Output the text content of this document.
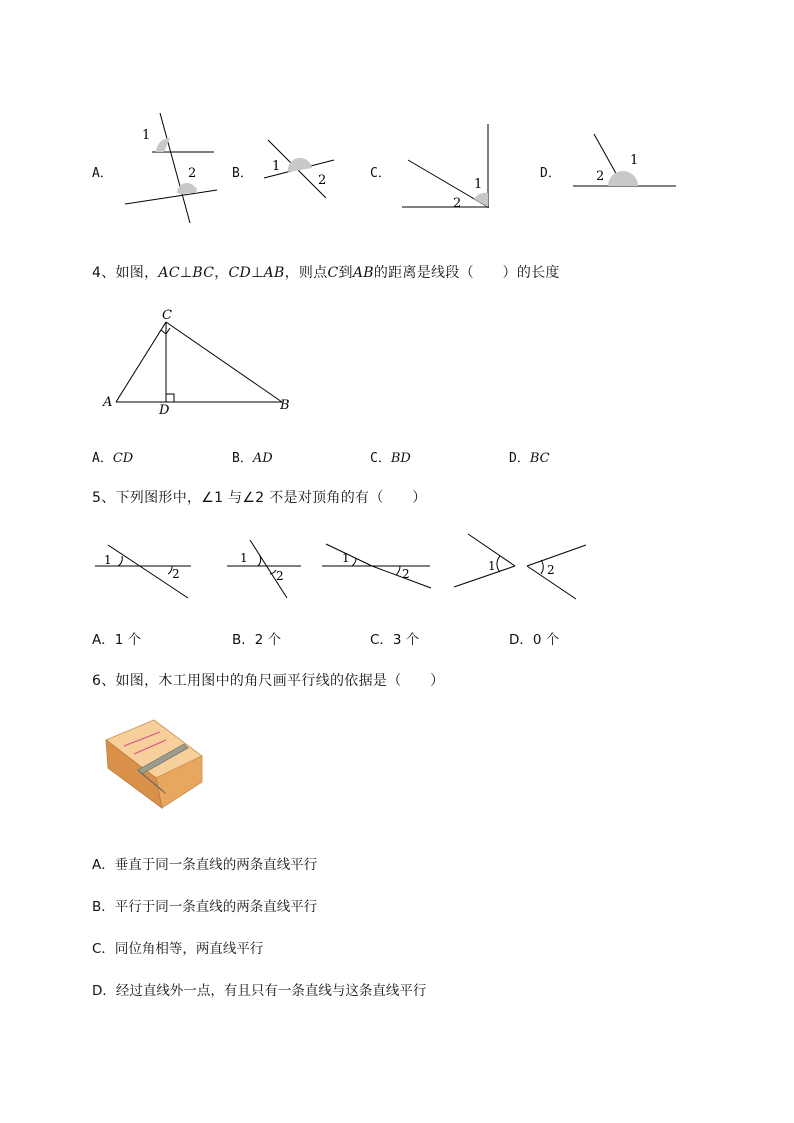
A．
1
2	B． 1
2	C．
1
2
D．
1
2
4、如图，AC⊥BC，CD⊥AB，则点C到AB的距离是线段（　　）的长度
C
A	B
D
A．CD	B．AD	C．BD	D．BC
5、下列图形中，∠1 与∠2 不是对顶角的有（　　）
1
2
1
2
1
2
1	2
A．1 个	B．2 个	C．3 个	D．0 个
6、如图，木工用图中的角尺画平行线的依据是（　　）
A．垂直于同一条直线的两条直线平行
B．平行于同一条直线的两条直线平行
C．同位角相等，两直线平行
D．经过直线外一点，有且只有一条直线与这条直线平行
